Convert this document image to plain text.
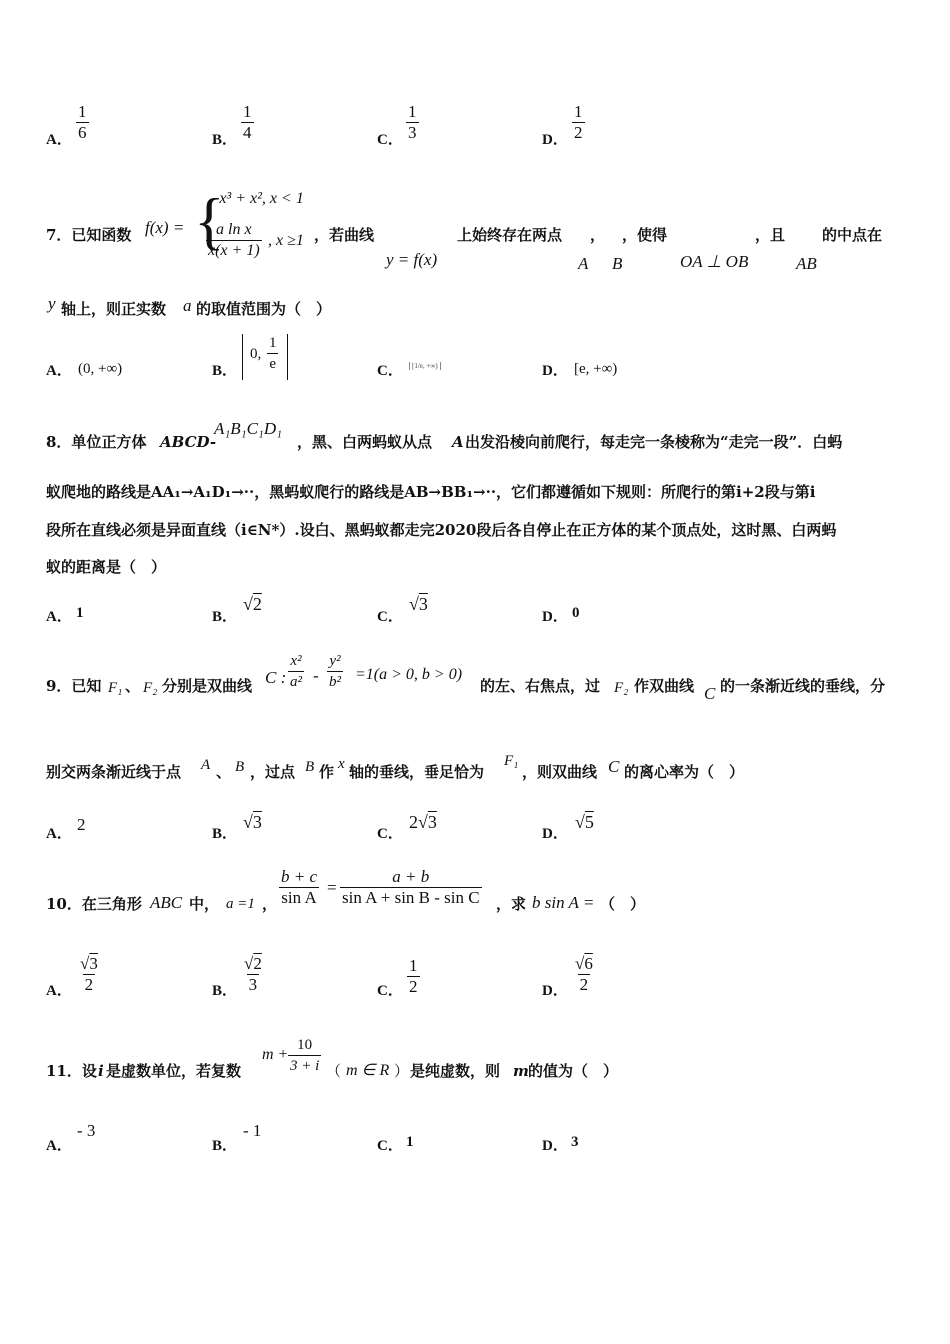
A． $\frac{1}{6}$	B． $\frac{1}{4}$	C． $\frac{1}{3}$	D． $\frac{1}{2}$
7．已知函数 f(x) = {
- x³ + x², x < 1
$\frac{\text{a ln x}}{x(x + 1)}$ , x ≥1 ，若曲线
y = f(x)
上始终存在两点 ， ，使得
A B	OA ⊥ OB
，且
AB
的中点在
y 轴上，则正实数 a 的取值范围为（　）
A． (0, +∞)	B．
0, $\frac{1}{e}$	C．	[1/e, +∞)	D． [e, +∞)
8．单位正方体 ABCD-
A₁B₁C₁D₁
，黑、白两蚂蚁从点 A 出发沿棱向前爬行，每走完一条棱称为“走完一段”．白蚂
蚁爬地的路线是AA₁→A₁D₁→··，黑蚂蚁爬行的路线是AB→BB₁→··，它们都遵循如下规则：所爬行的第i+2段与第i
段所在直线必须是异面直线（i∈N*）.设白、黑蚂蚁都走完2020段后各自停止在正方体的某个顶点处，这时黑、白两蚂
蚁的距离是（　）
A． 1	B．
√2
C．
√3
D． 0
9．已知 F₁ 、 F₂ 分别是双曲线 C : $\frac{\text{x²}}{\text{a²}} - \frac{\text{y²}}{\text{b²}} =1(a > 0$, b > 0)
的左、右焦点，过 F₂ 作双曲线 C 的一条渐近线的垂线，分
别交两条渐近线于点 A 、 B ，过点 B 作 x 轴的垂线，垂足恰为
F₁
，则双曲线 C 的离心率为（　）
A． 2	B．
√3
C．
2√3
D．
√5
10．在三角形 ABC 中， a =1 ， $\frac{b + c}{\text{sin A}} = \frac{a + b}{\text{sin A + sin B - sin C}}$ ，求 b sin A = （　）
A． $\frac{√3}{2}$	B． $\frac{√2}{3}$	C． $\frac{1}{2}$	D． $\frac{√6}{2}$
11．设 i 是虚数单位，若复数
$m + \frac{10}{3 + i}$ （ m ∈ R ） 是纯虚数，则 m 的值为（　）
A．
- 3
B．
- 1
C． 1	D． 3
